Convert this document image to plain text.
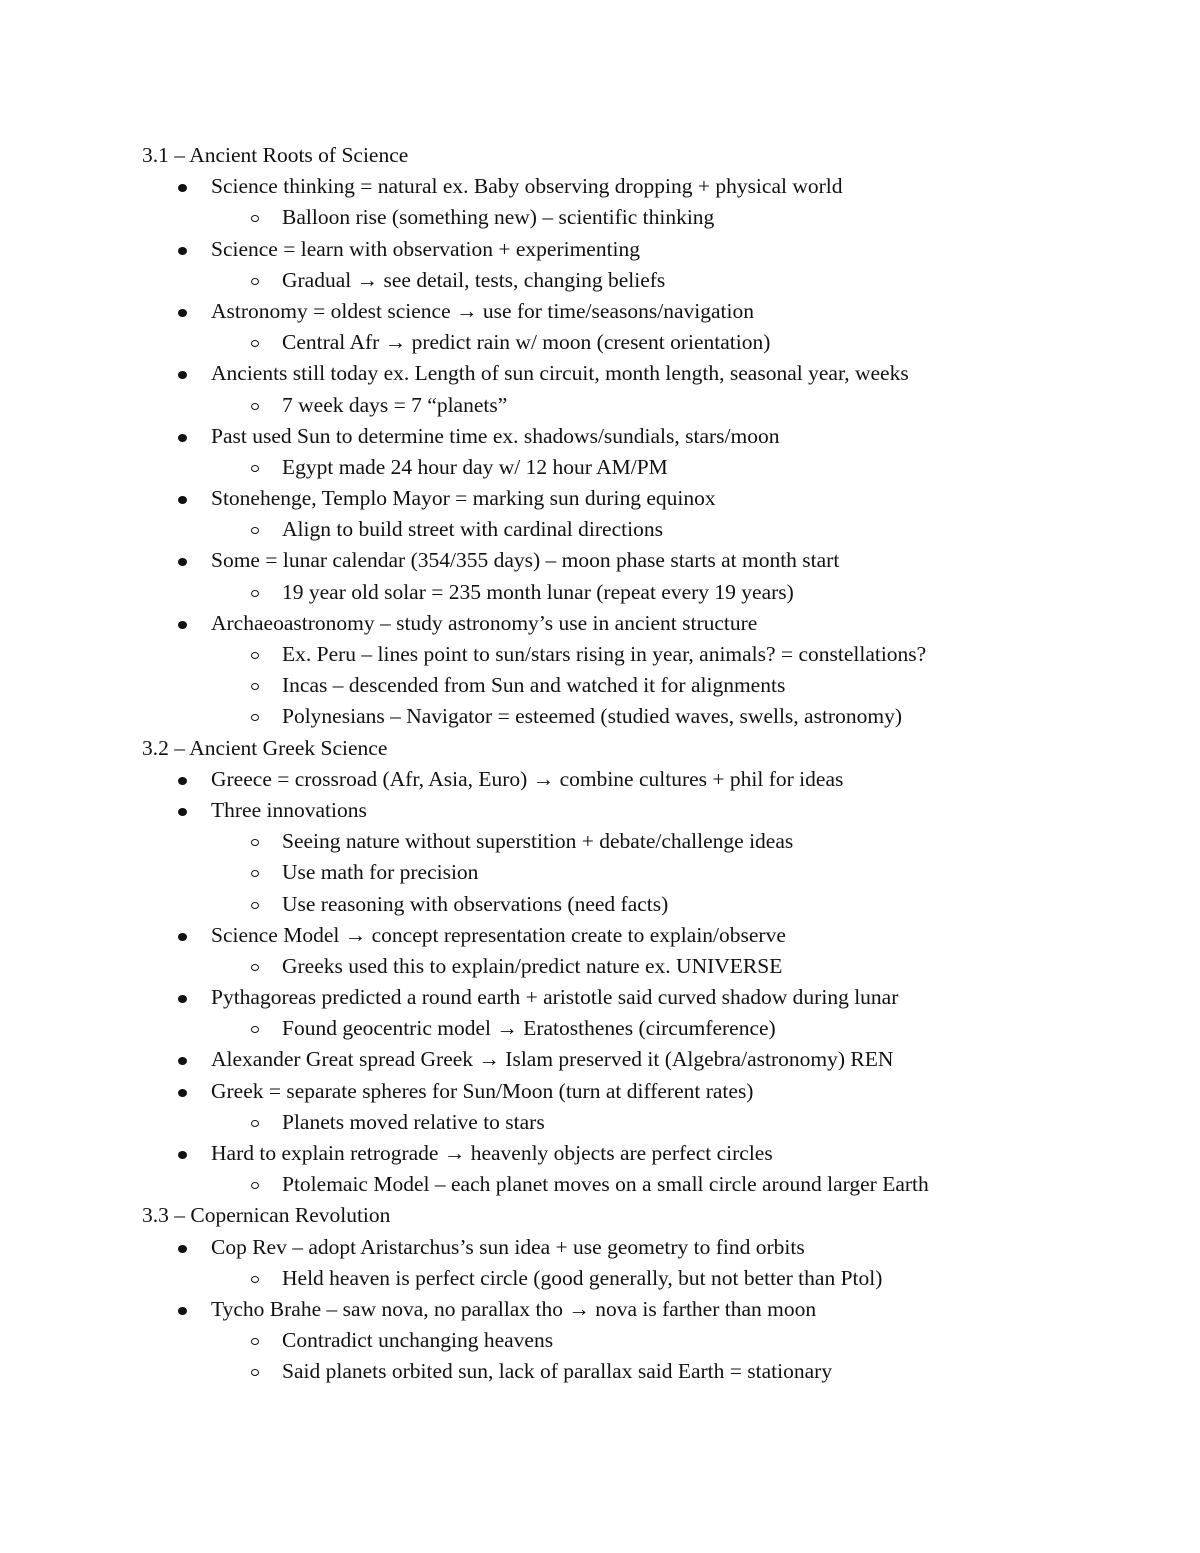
3.1 – Ancient Roots of Science
Science thinking = natural ex. Baby observing dropping + physical world
Balloon rise (something new) – scientific thinking
Science = learn with observation + experimenting
Gradual → see detail, tests, changing beliefs
Astronomy = oldest science → use for time/seasons/navigation
Central Afr → predict rain w/ moon (cresent orientation)
Ancients still today ex. Length of sun circuit, month length, seasonal year, weeks
7 week days = 7 “planets”
Past used Sun to determine time ex. shadows/sundials, stars/moon
Egypt made 24 hour day w/ 12 hour AM/PM
Stonehenge, Templo Mayor = marking sun during equinox
Align to build street with cardinal directions
Some = lunar calendar (354/355 days) – moon phase starts at month start
19 year old solar = 235 month lunar (repeat every 19 years)
Archaeoastronomy – study astronomy’s use in ancient structure
Ex. Peru – lines point to sun/stars rising in year, animals? = constellations?
Incas – descended from Sun and watched it for alignments
Polynesians – Navigator = esteemed (studied waves, swells, astronomy)
3.2 – Ancient Greek Science
Greece = crossroad (Afr, Asia, Euro) → combine cultures + phil for ideas
Three innovations
Seeing nature without superstition + debate/challenge ideas
Use math for precision
Use reasoning with observations (need facts)
Science Model → concept representation create to explain/observe
Greeks used this to explain/predict nature ex. UNIVERSE
Pythagoreas predicted a round earth + aristotle said curved shadow during lunar
Found geocentric model → Eratosthenes (circumference)
Alexander Great spread Greek → Islam preserved it (Algebra/astronomy) REN
Greek = separate spheres for Sun/Moon (turn at different rates)
Planets moved relative to stars
Hard to explain retrograde → heavenly objects are perfect circles
Ptolemaic Model – each planet moves on a small circle around larger Earth
3.3 – Copernican Revolution
Cop Rev – adopt Aristarchus’s sun idea + use geometry to find orbits
Held heaven is perfect circle (good generally, but not better than Ptol)
Tycho Brahe – saw nova, no parallax tho → nova is farther than moon
Contradict unchanging heavens
Said planets orbited sun, lack of parallax said Earth = stationary
